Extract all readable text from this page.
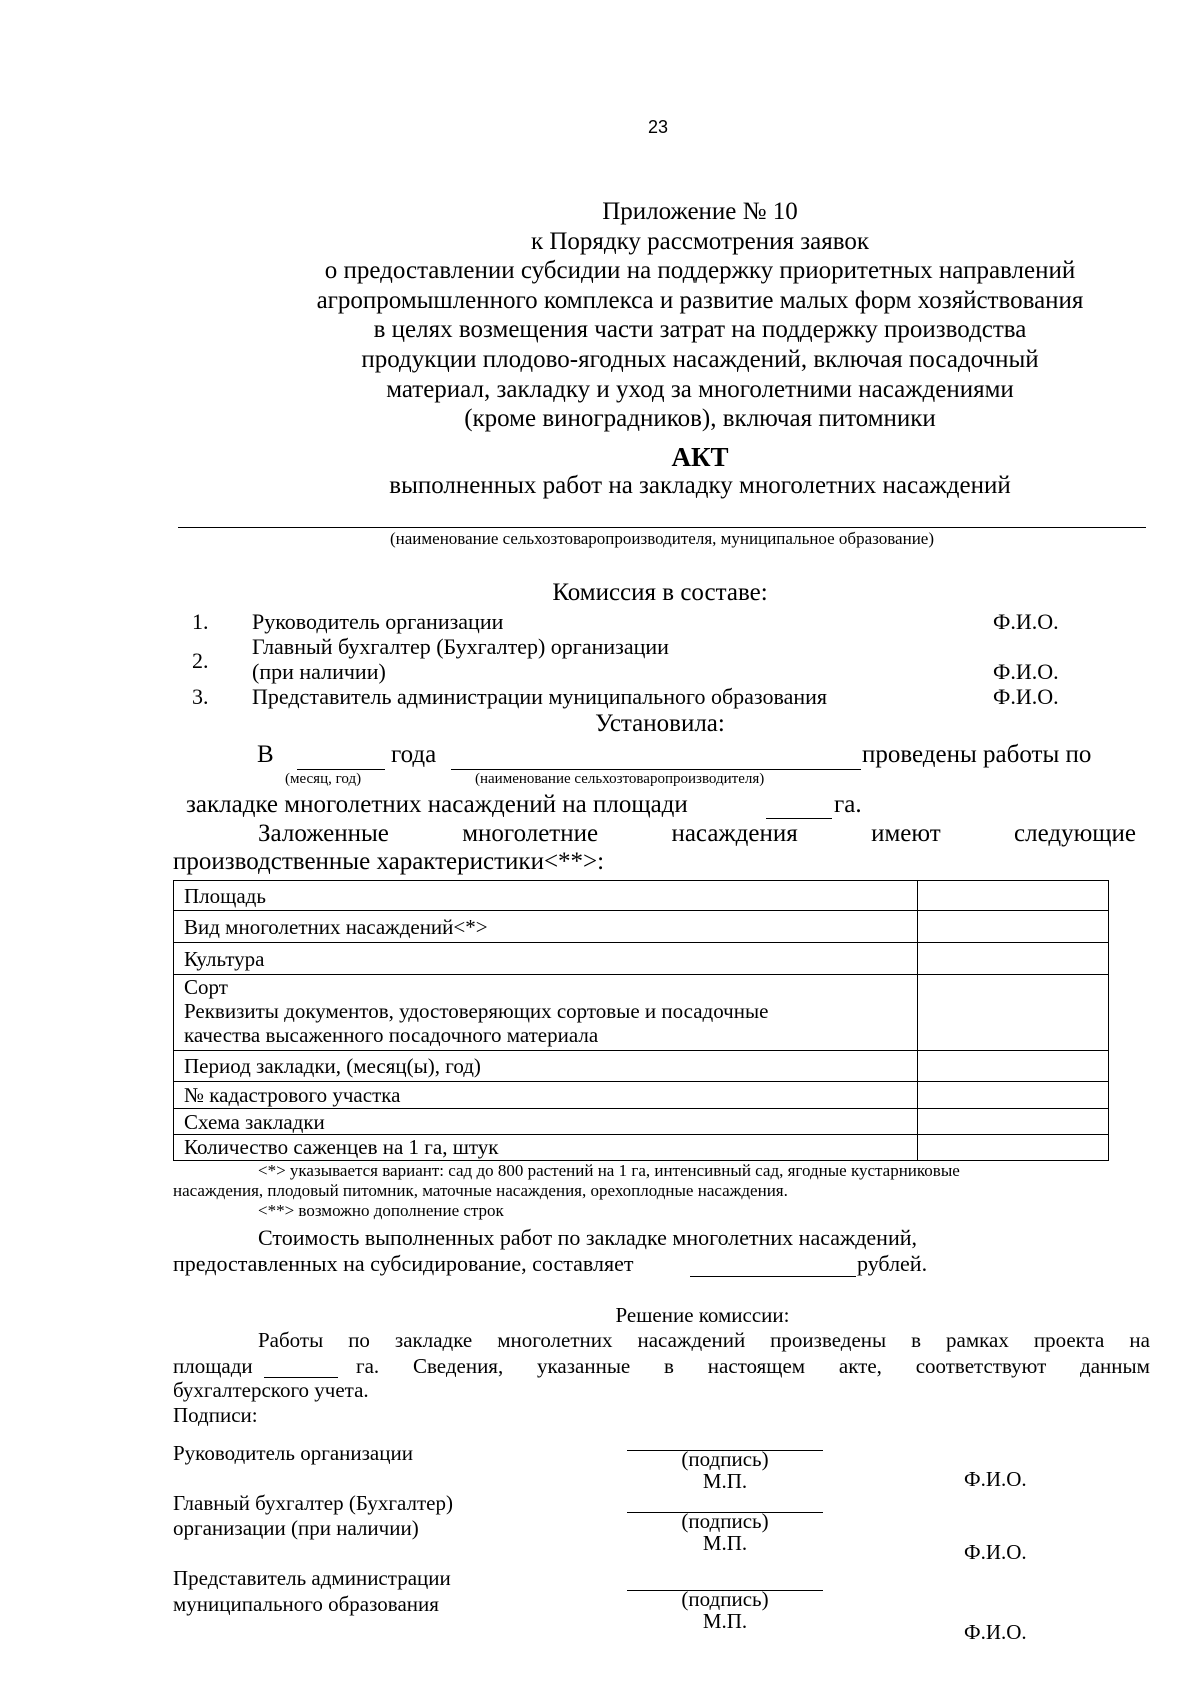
23
Приложение № 10
к Порядку рассмотрения заявок
о предоставлении субсидии на поддержку приоритетных направлений
агропромышленного комплекса и развитие малых форм хозяйствования
в целях возмещения части затрат на поддержку производства
продукции плодово-ягодных насаждений, включая посадочный
материал, закладку и уход за многолетними насаждениями
(кроме виноградников), включая питомники
АКТ
выполненных работ на закладку многолетних насаждений
(наименование сельхозтоваропроизводителя, муниципальное образование)
Комиссия в составе:
1. Руководитель организации	Ф.И.О.
2.
Главный бухгалтер (Бухгалтер) организации
(при наличии)	Ф.И.О.
3. Представитель администрации муниципального образования	Ф.И.О.
Установила:
В	года	проведены работы по
(месяц, год)	(наименование сельхозтоваропроизводителя)
закладке многолетних насаждений на площади	га.
Заложенные	многолетние	насаждения	имеют	следующие
производственные характеристики<**>:
Площадь	
Вид многолетних насаждений<*>	
Культура	

Сорт
Реквизиты документов, удостоверяющих сортовые и посадочные
качества высаженного посадочного материала	

Период закладки, (месяц(ы), год)	
№ кадастрового участка	
Схема закладки	
Количество саженцев на 1 га, штук	
<*> указывается вариант: сад до 800 растений на 1 га, интенсивный сад, ягодные кустарниковые
насаждения, плодовый питомник, маточные насаждения, орехоплодные насаждения.
<**> возможно дополнение строк
Стоимость выполненных работ по закладке многолетних насаждений,
предоставленных на субсидирование, составляет	рублей.
Решение комиссии:
Работы по закладке многолетних насаждений произведены в рамках проекта на
площади	га. Сведения, указанные в настоящем акте, соответствуют данным
бухгалтерского учета.
Подписи:
Руководитель организации	(подпись)
М.П.	Ф.И.О.
Главный бухгалтер (Бухгалтер)
организации (при наличии)	(подпись)
М.П.	Ф.И.О.
Представитель администрации
муниципального образования	(подпись)
М.П.	Ф.И.О.
